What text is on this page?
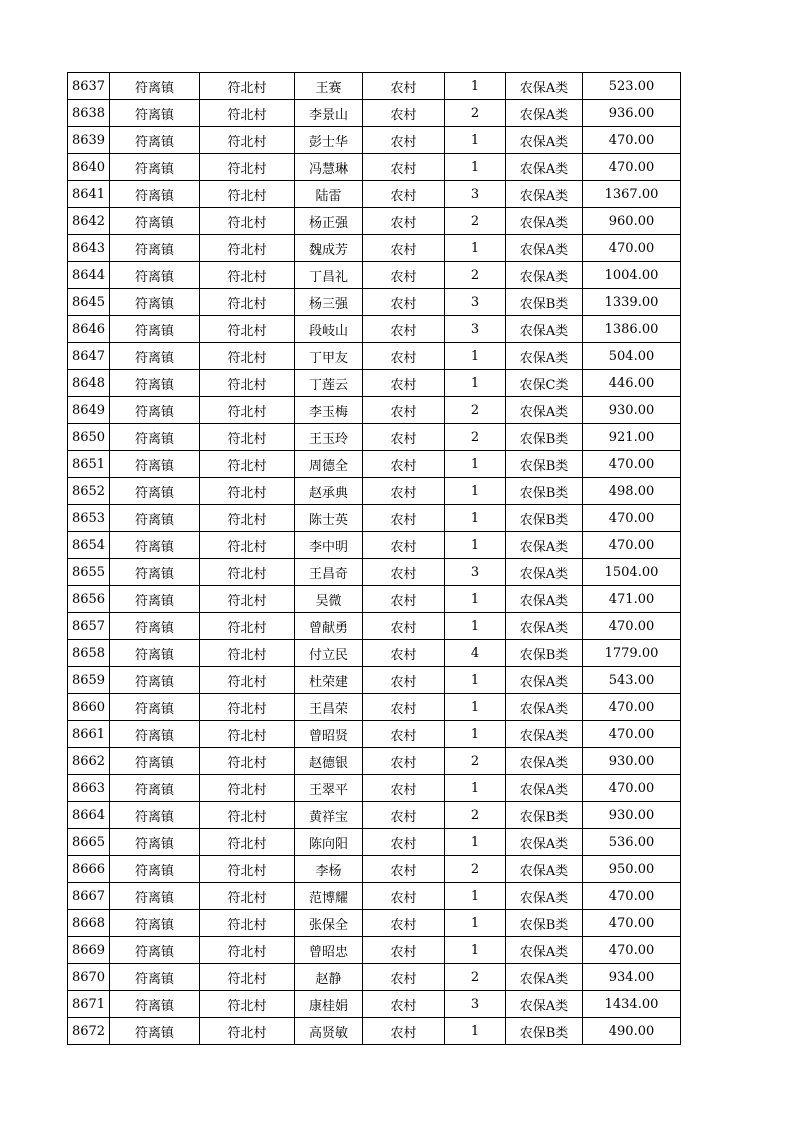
8637	符离镇	符北村	王赛	农村	1	农保A类	523.00
8638	符离镇	符北村	李景山	农村	2	农保A类	936.00
8639	符离镇	符北村	彭士华	农村	1	农保A类	470.00
8640	符离镇	符北村	冯慧琳	农村	1	农保A类	470.00
8641	符离镇	符北村	陆雷	农村	3	农保A类	1367.00
8642	符离镇	符北村	杨正强	农村	2	农保A类	960.00
8643	符离镇	符北村	魏成芳	农村	1	农保A类	470.00
8644	符离镇	符北村	丁昌礼	农村	2	农保A类	1004.00
8645	符离镇	符北村	杨三强	农村	3	农保B类	1339.00
8646	符离镇	符北村	段岐山	农村	3	农保A类	1386.00
8647	符离镇	符北村	丁甲友	农村	1	农保A类	504.00
8648	符离镇	符北村	丁莲云	农村	1	农保C类	446.00
8649	符离镇	符北村	李玉梅	农村	2	农保A类	930.00
8650	符离镇	符北村	王玉玲	农村	2	农保B类	921.00
8651	符离镇	符北村	周德全	农村	1	农保B类	470.00
8652	符离镇	符北村	赵承典	农村	1	农保B类	498.00
8653	符离镇	符北村	陈士英	农村	1	农保B类	470.00
8654	符离镇	符北村	李中明	农村	1	农保A类	470.00
8655	符离镇	符北村	王昌奇	农村	3	农保A类	1504.00
8656	符离镇	符北村	吴微	农村	1	农保A类	471.00
8657	符离镇	符北村	曾献勇	农村	1	农保A类	470.00
8658	符离镇	符北村	付立民	农村	4	农保B类	1779.00
8659	符离镇	符北村	杜荣建	农村	1	农保A类	543.00
8660	符离镇	符北村	王昌荣	农村	1	农保A类	470.00
8661	符离镇	符北村	曾昭贤	农村	1	农保A类	470.00
8662	符离镇	符北村	赵德银	农村	2	农保A类	930.00
8663	符离镇	符北村	王翠平	农村	1	农保A类	470.00
8664	符离镇	符北村	黄祥宝	农村	2	农保B类	930.00
8665	符离镇	符北村	陈向阳	农村	1	农保A类	536.00
8666	符离镇	符北村	李杨	农村	2	农保A类	950.00
8667	符离镇	符北村	范博耀	农村	1	农保A类	470.00
8668	符离镇	符北村	张保全	农村	1	农保B类	470.00
8669	符离镇	符北村	曾昭忠	农村	1	农保A类	470.00
8670	符离镇	符北村	赵静	农村	2	农保A类	934.00
8671	符离镇	符北村	康桂娟	农村	3	农保A类	1434.00
8672	符离镇	符北村	高贤敏	农村	1	农保B类	490.00
